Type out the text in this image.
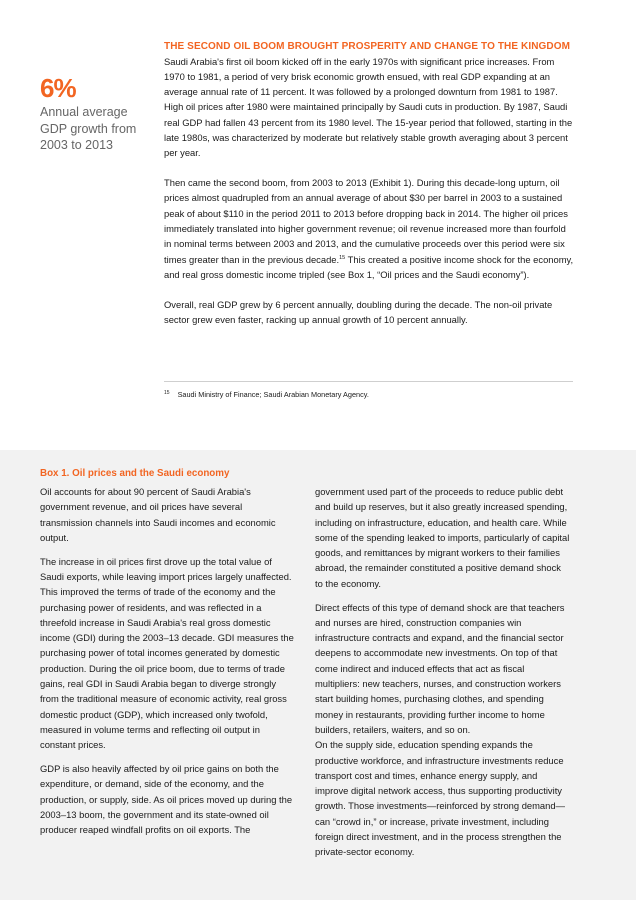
6%
Annual average GDP growth from 2003 to 2013
THE SECOND OIL BOOM BROUGHT PROSPERITY AND CHANGE TO THE KINGDOM

Saudi Arabia's first oil boom kicked off in the early 1970s with significant price increases. From 1970 to 1981, a period of very brisk economic growth ensued, with real GDP expanding at an average annual rate of 11 percent. It was followed by a prolonged downturn from 1981 to 1987. High oil prices after 1980 were maintained principally by Saudi cuts in production. By 1987, Saudi real GDP had fallen 43 percent from its 1980 level. The 15-year period that followed, starting in the late 1980s, was characterized by moderate but relatively stable growth averaging about 3 percent per year.

Then came the second boom, from 2003 to 2013 (Exhibit 1). During this decade-long upturn, oil prices almost quadrupled from an annual average of about $30 per barrel in 2003 to a sustained peak of about $110 in the period 2011 to 2013 before dropping back in 2014. The higher oil prices immediately translated into higher government revenue; oil revenue increased more than fourfold in nominal terms between 2003 and 2013, and the cumulative proceeds over this period were six times greater than in the previous decade.$^{15}$ This created a positive income shock for the economy, and real gross domestic income tripled (see Box 1, “Oil prices and the Saudi economy”).

Overall, real GDP grew by 6 percent annually, doubling during the decade. The non-oil private sector grew even faster, racking up annual growth of 10 percent annually.

$^{15}$ Saudi Ministry of Finance; Saudi Arabian Monetary Agency.
Box 1. Oil prices and the Saudi economy

Oil accounts for about 90 percent of Saudi Arabia's government revenue, and oil prices have several transmission channels into Saudi incomes and economic output.

The increase in oil prices first drove up the total value of Saudi exports, while leaving import prices largely unaffected. This improved the terms of trade of the economy and the purchasing power of residents, and was reflected in a threefold increase in Saudi Arabia's real gross domestic income (GDI) during the 2003–13 decade. GDI measures the purchasing power of total incomes generated by domestic production. During the oil price boom, due to terms of trade gains, real GDI in Saudi Arabia began to diverge strongly from the traditional measure of economic activity, real gross domestic product (GDP), which increased only twofold, measured in volume terms and reflecting oil output in constant prices.

GDP is also heavily affected by oil price gains on both the expenditure, or demand, side of the economy, and the production, or supply, side. As oil prices moved up during the 2003–13 boom, the government and its state-owned oil producer reaped windfall profits on oil exports. The

government used part of the proceeds to reduce public debt and build up reserves, but it also greatly increased spending, including on infrastructure, education, and health care. While some of the spending leaked to imports, particularly of capital goods, and remittances by migrant workers to their families abroad, the remainder constituted a positive demand shock to the economy.

Direct effects of this type of demand shock are that teachers and nurses are hired, construction companies win infrastructure contracts and expand, and the financial sector deepens to accommodate new investments. On top of that come indirect and induced effects that act as fiscal multipliers: new teachers, nurses, and construction workers start building homes, purchasing clothes, and spending money in restaurants, providing further income to home builders, retailers, waiters, and so on.

On the supply side, education spending expands the productive workforce, and infrastructure investments reduce transport cost and times, enhance energy supply, and improve digital network access, thus supporting productivity growth. Those investments—reinforced by strong demand—can “crowd in,” or increase, private investment, including foreign direct investment, and in the process strengthen the private-sector economy.
